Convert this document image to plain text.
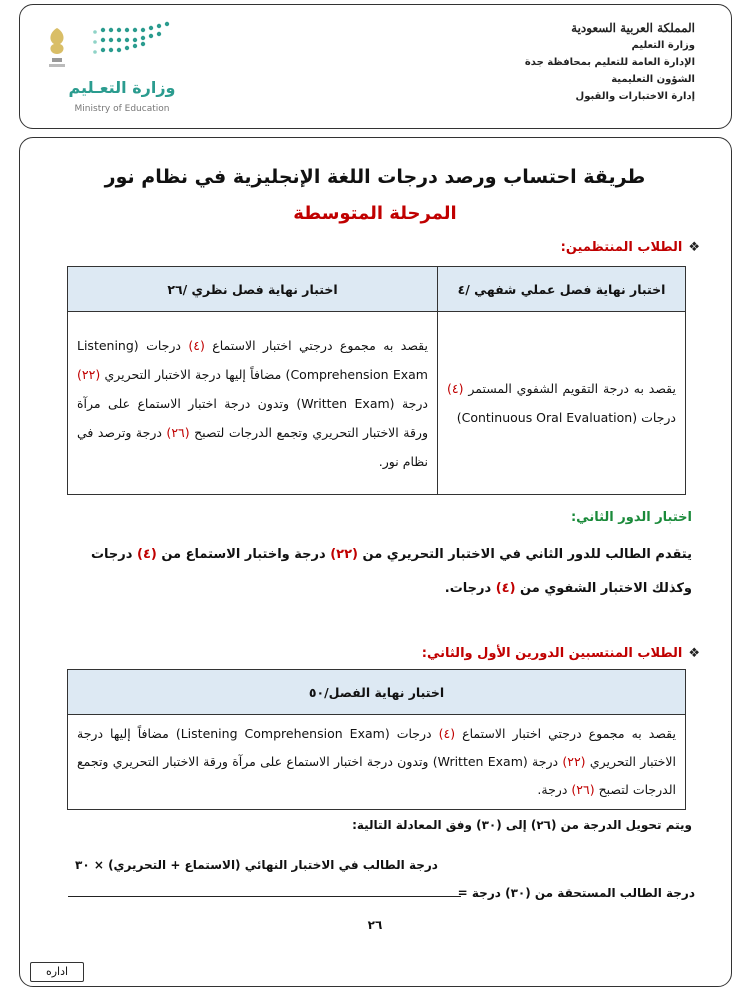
المملكة العربية السعودية
وزارة التعليم
الإدارة العامة للتعليم بمحافظة جدة
الشؤون التعليمية
إدارة الاختبارات والقبول
وزارة التعـليم
Ministry of Education
طريقة احتساب ورصد درجات اللغة الإنجليزية في نظام نور
المرحلة المتوسطة
❖الطلاب المنتظمين:
اختبار نهاية فصل عملي شفهي /٤	اختبار نهاية فصل نظري /٢٦

يقصد به درجة التقويم الشفوي المستمر (٤) درجات (Continuous Oral Evaluation)	يقصد به مجموع درجتي اختبار الاستماع (٤) درجات (Listening Comprehension Exam) مضافاً إليها درجة الاختبار التحريري (٢٢) درجة (Written Exam) وتدون درجة اختبار الاستماع على مرآة ورقة الاختبار التحريري وتجمع الدرجات لتصبح (٢٦) درجة وترصد في نظام نور.
اختبار الدور الثاني:
يتقدم الطالب للدور الثاني في الاختبار التحريري من (٢٢) درجة واختبار الاستماع من (٤) درجات وكذلك الاختبار الشفوي من (٤) درجات.
❖الطلاب المنتسبين الدورين الأول والثاني:
اختبار نهاية الفصل/٥٠

يقصد به مجموع درجتي اختبار الاستماع (٤) درجات (Listening Comprehension Exam) مضافاً إليها درجة الاختبار التحريري (٢٢) درجة (Written Exam) وتدون درجة اختبار الاستماع على مرآة ورقة الاختبار التحريري وتجمع الدرجات لتصبح (٢٦) درجة.
ويتم تحويل الدرجة من (٢٦) إلى (٣٠) وفق المعادلة التالية:
درجة الطالب في الاختبار النهائي (الاستماع + التحريري) × ٣٠
درجة الطالب المستحقة من (٣٠) درجة =
٢٦
اداره
